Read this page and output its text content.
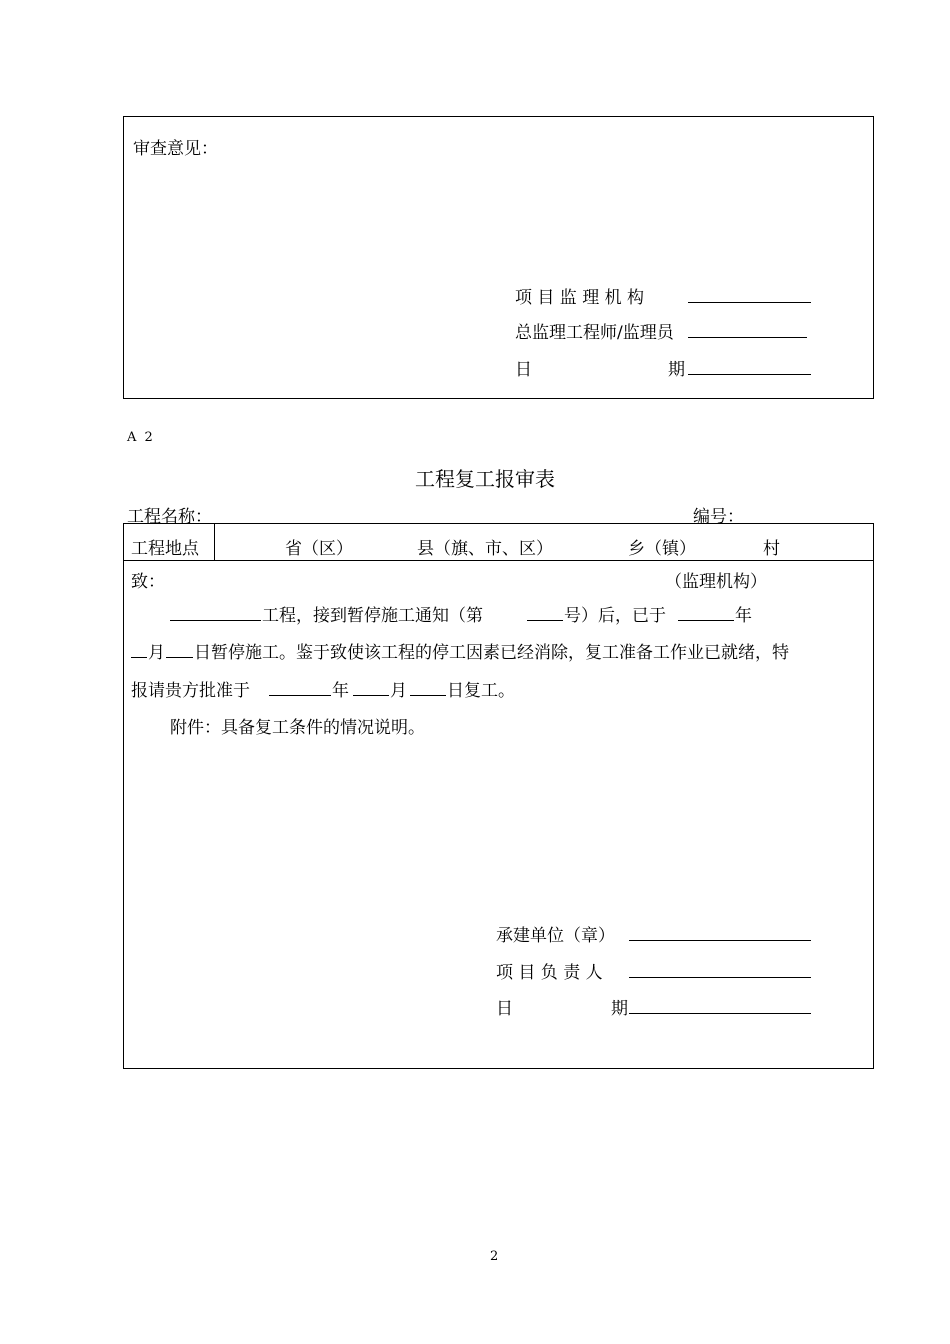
审查意见：
项 目 监 理 机 构
总监理工程师/监理员
日	期
A 2
工程复工报审表
工程名称：	编号：
工程地点	省（区）	县（旗、市、区）	乡（镇）	村
致：	（监理机构）
工程，接到暂停施工通知（第	号）后，已于	年
月 日暂停施工。鉴于致使该工程的停工因素已经消除，复工准备工作业已就绪，特
报请贵方批准于	年 月 日复工。
附件：具备复工条件的情况说明。
承建单位（章）
项 目 负 责 人
日	期
2
